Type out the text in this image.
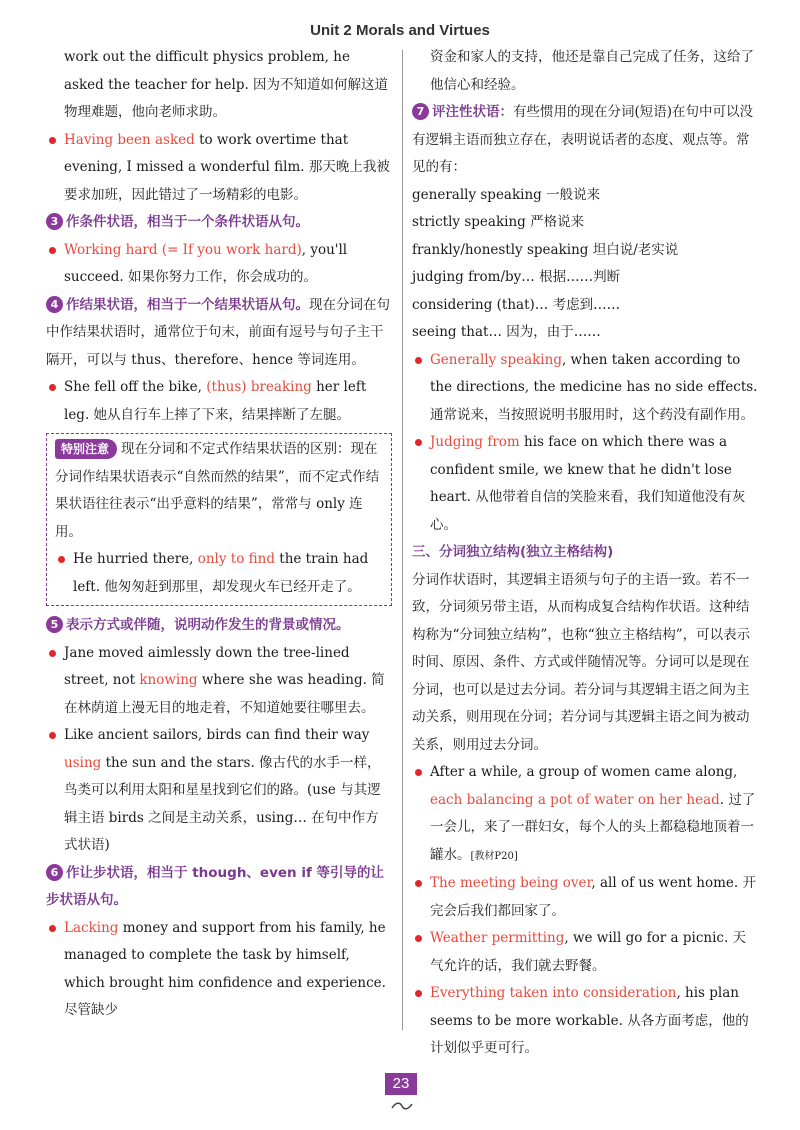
Unit 2 Morals and Virtues

work out the difficult physics problem, he asked the teacher for help. 因为不知道如何解这道物理难题，他向老师求助。

Having been asked to work overtime that evening, I missed a wonderful film. 那天晚上我被要求加班，因此错过了一场精彩的电影。

3 作条件状语，相当于一个条件状语从句。

Working hard (= If you work hard), you'll succeed. 如果你努力工作，你会成功的。

4 作结果状语，相当于一个结果状语从句。现在分词在句中作结果状语时，通常位于句末，前面有逗号与句子主干隔开，可以与 thus、therefore、hence 等词连用。

She fell off the bike, (thus) breaking her left leg. 她从自行车上摔了下来，结果摔断了左腿。

特别注意 现在分词和不定式作结果状语的区别：现在分词作结果状语表示“自然而然的结果”，而不定式作结果状语往往表示“出乎意料的结果”，常常与 only 连用。

He hurried there, only to find the train had left. 他匆匆赶到那里，却发现火车已经开走了。

5 表示方式或伴随，说明动作发生的背景或情况。

Jane moved aimlessly down the tree-lined street, not knowing where she was heading. 简在林荫道上漫无目的地走着，不知道她要往哪里去。

Like ancient sailors, birds can find their way using the sun and the stars. 像古代的水手一样，鸟类可以利用太阳和星星找到它们的路。(use 与其逻辑主语 birds 之间是主动关系，using… 在句中作方式状语)

6 作让步状语，相当于 though、even if 等引导的让步状语从句。

Lacking money and support from his family, he managed to complete the task by himself, which brought him confidence and experience. 尽管缺少

资金和家人的支持，他还是靠自己完成了任务，这给了他信心和经验。

7 评注性状语：有些惯用的现在分词(短语)在句中可以没有逻辑主语而独立存在，表明说话者的态度、观点等。常见的有：

generally speaking 一般说来

strictly speaking 严格说来

frankly/honestly speaking 坦白说/老实说

judging from/by… 根据……判断

considering (that)… 考虑到……

seeing that… 因为，由于……

Generally speaking, when taken according to the directions, the medicine has no side effects. 通常说来，当按照说明书服用时，这个药没有副作用。

Judging from his face on which there was a confident smile, we knew that he didn't lose heart. 从他带着自信的笑脸来看，我们知道他没有灰心。

三、分词独立结构(独立主格结构)

分词作状语时，其逻辑主语须与句子的主语一致。若不一致，分词须另带主语，从而构成复合结构作状语。这种结构称为“分词独立结构”，也称“独立主格结构”，可以表示时间、原因、条件、方式或伴随情况等。分词可以是现在分词，也可以是过去分词。若分词与其逻辑主语之间为主动关系，则用现在分词；若分词与其逻辑主语之间为被动关系，则用过去分词。

After a while, a group of women came along, each balancing a pot of water on her head. 过了一会儿，来了一群妇女，每个人的头上都稳稳地顶着一罐水。[教材P20]

The meeting being over, all of us went home. 开完会后我们都回家了。

Weather permitting, we will go for a picnic. 天气允许的话，我们就去野餐。

Everything taken into consideration, his plan seems to be more workable. 从各方面考虑，他的计划似乎更可行。

23
